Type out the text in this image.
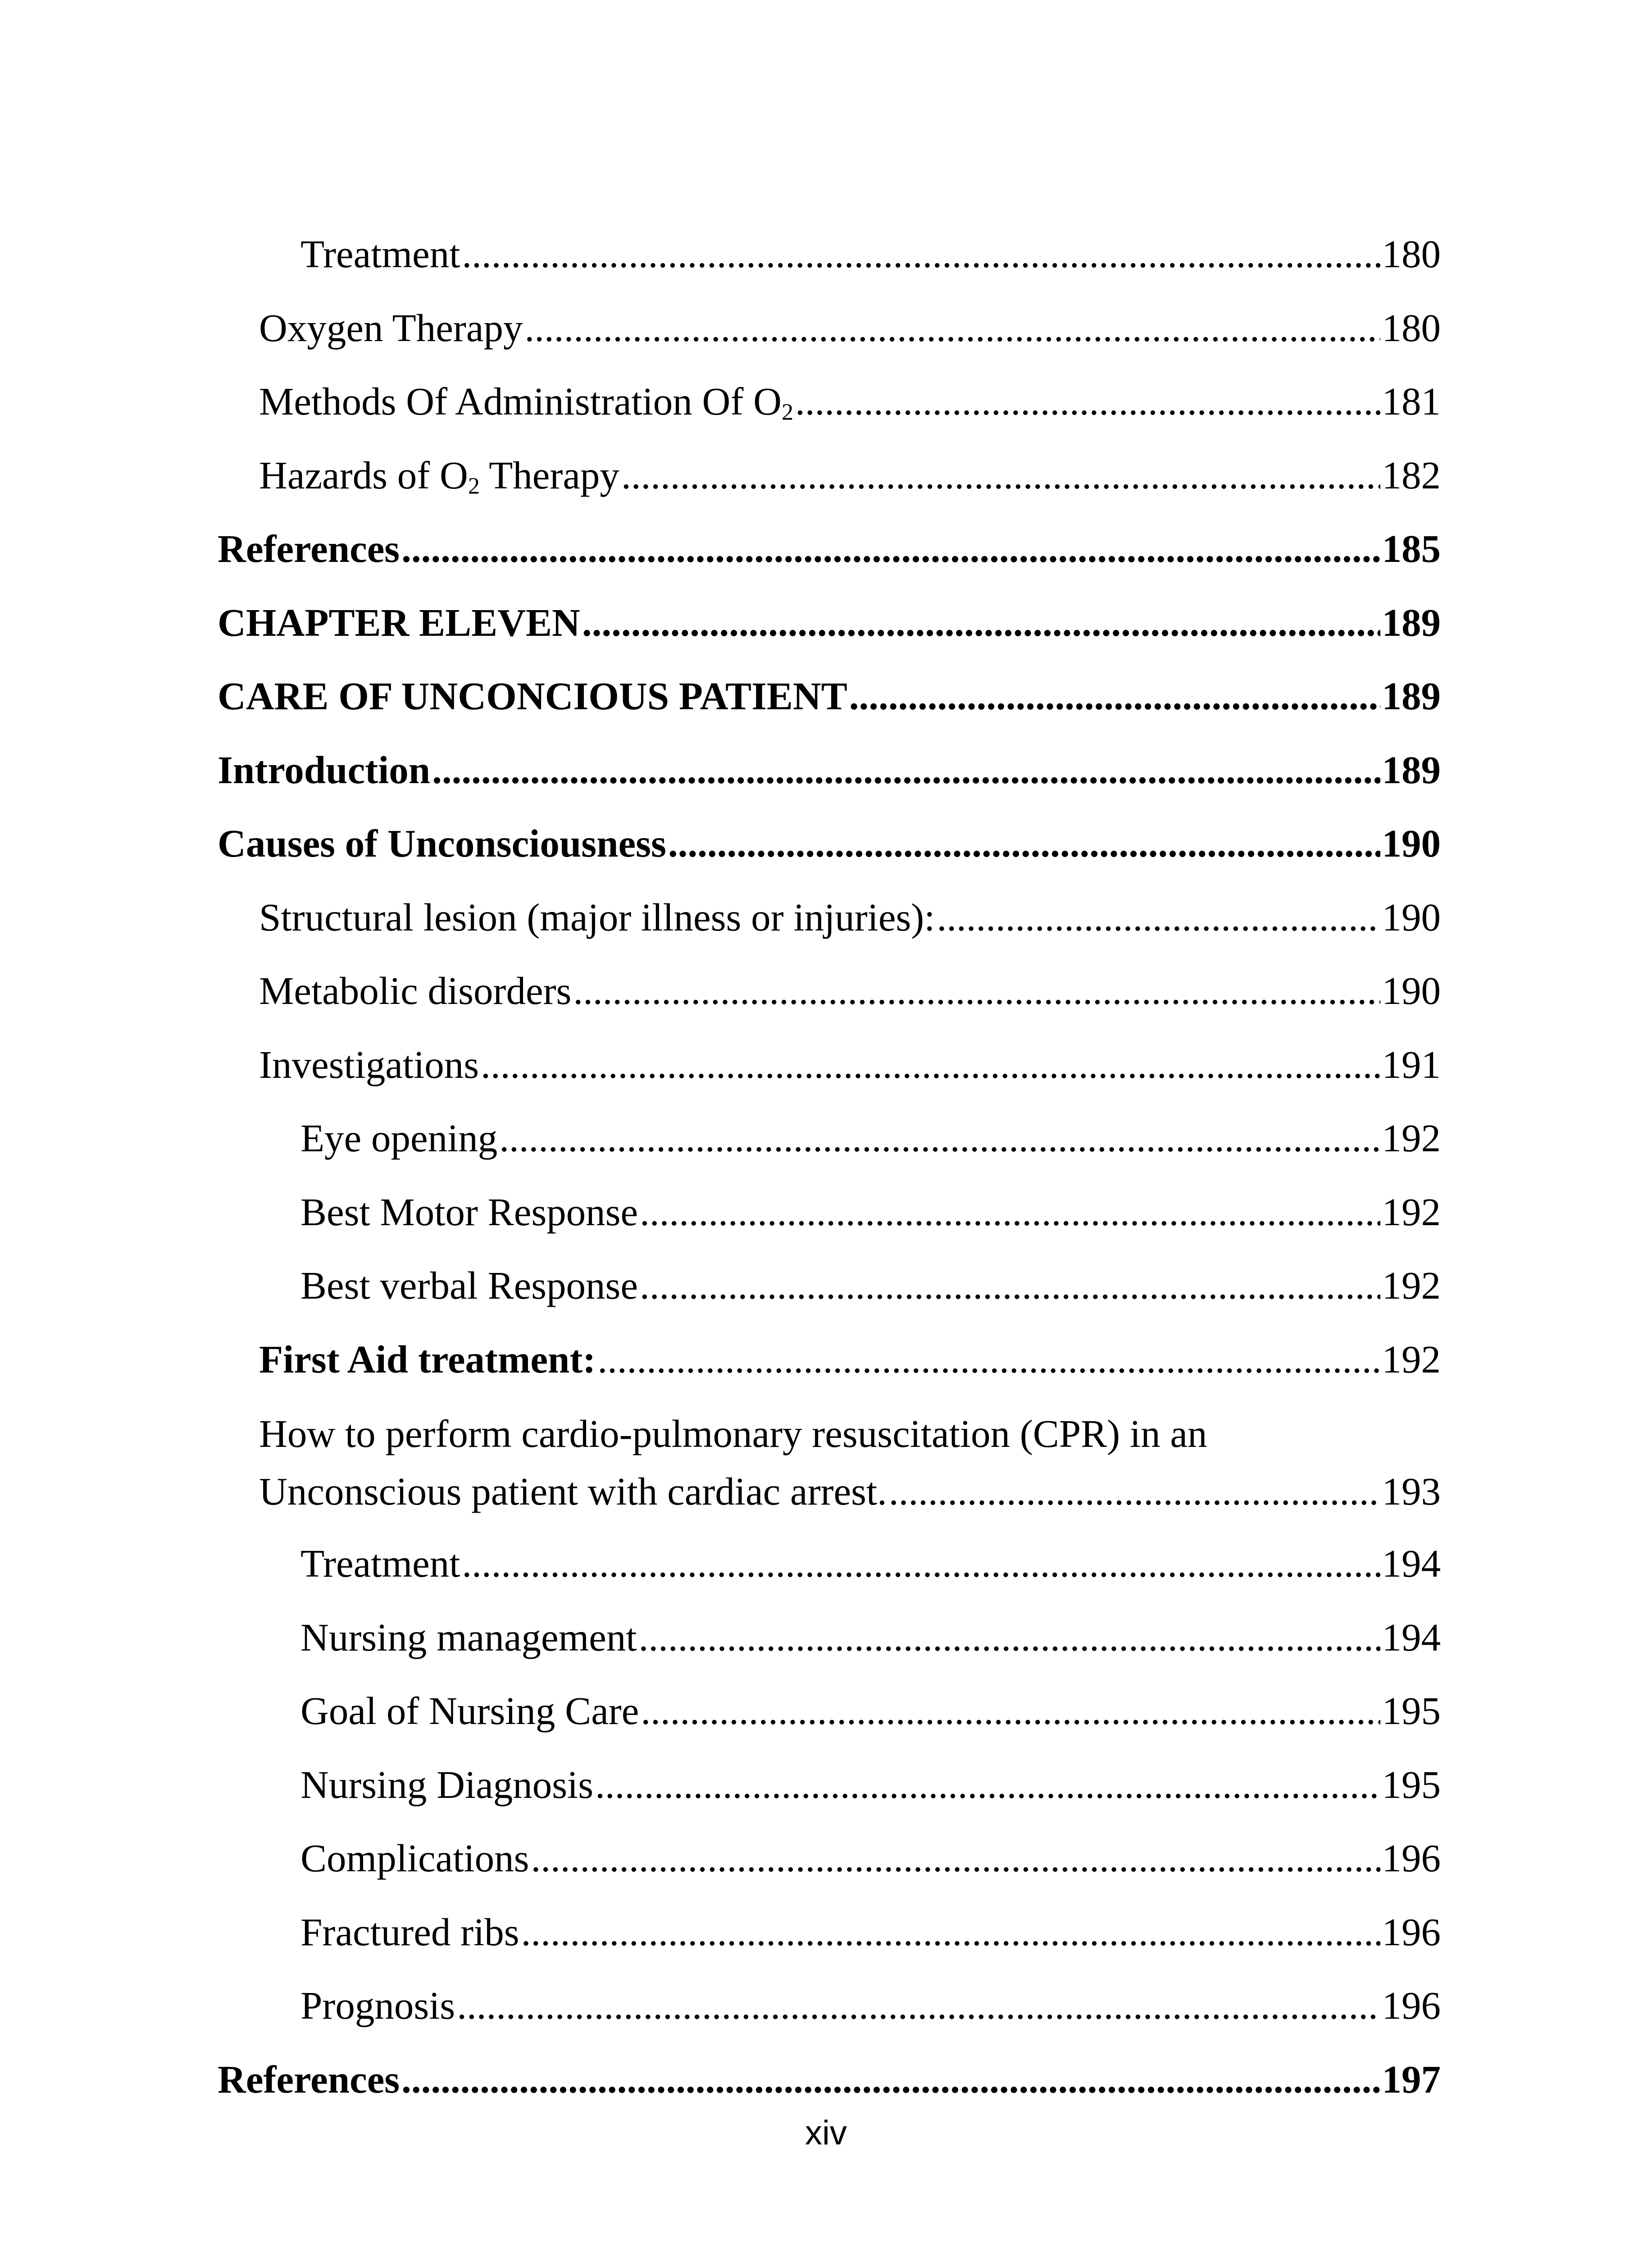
Treatment .....	180
Oxygen Therapy .....	180
Methods Of Administration Of $O_2$ .....	181
Hazards of $O_2$ Therapy .....	182
References .....	185
CHAPTER ELEVEN .....	189
CARE OF UNCONCIOUS PATIENT .....	189
Introduction .....	189
Causes of Unconsciousness .....	190
Structural lesion (major illness or injuries): .....	190
Metabolic disorders .....	190
Investigations .....	191
Eye opening .....	192
Best Motor Response .....	192
Best verbal Response .....	192
First Aid treatment: .....	192
How to perform cardio-pulmonary resuscitation (CPR) in an
Unconscious patient with cardiac arrest. .....	193
Treatment .....	194
Nursing management .....	194
Goal of Nursing Care .....	195
Nursing Diagnosis .....	195
Complications .....	196
Fractured ribs .....	196
Prognosis .....	196
References .....	197
xiv
